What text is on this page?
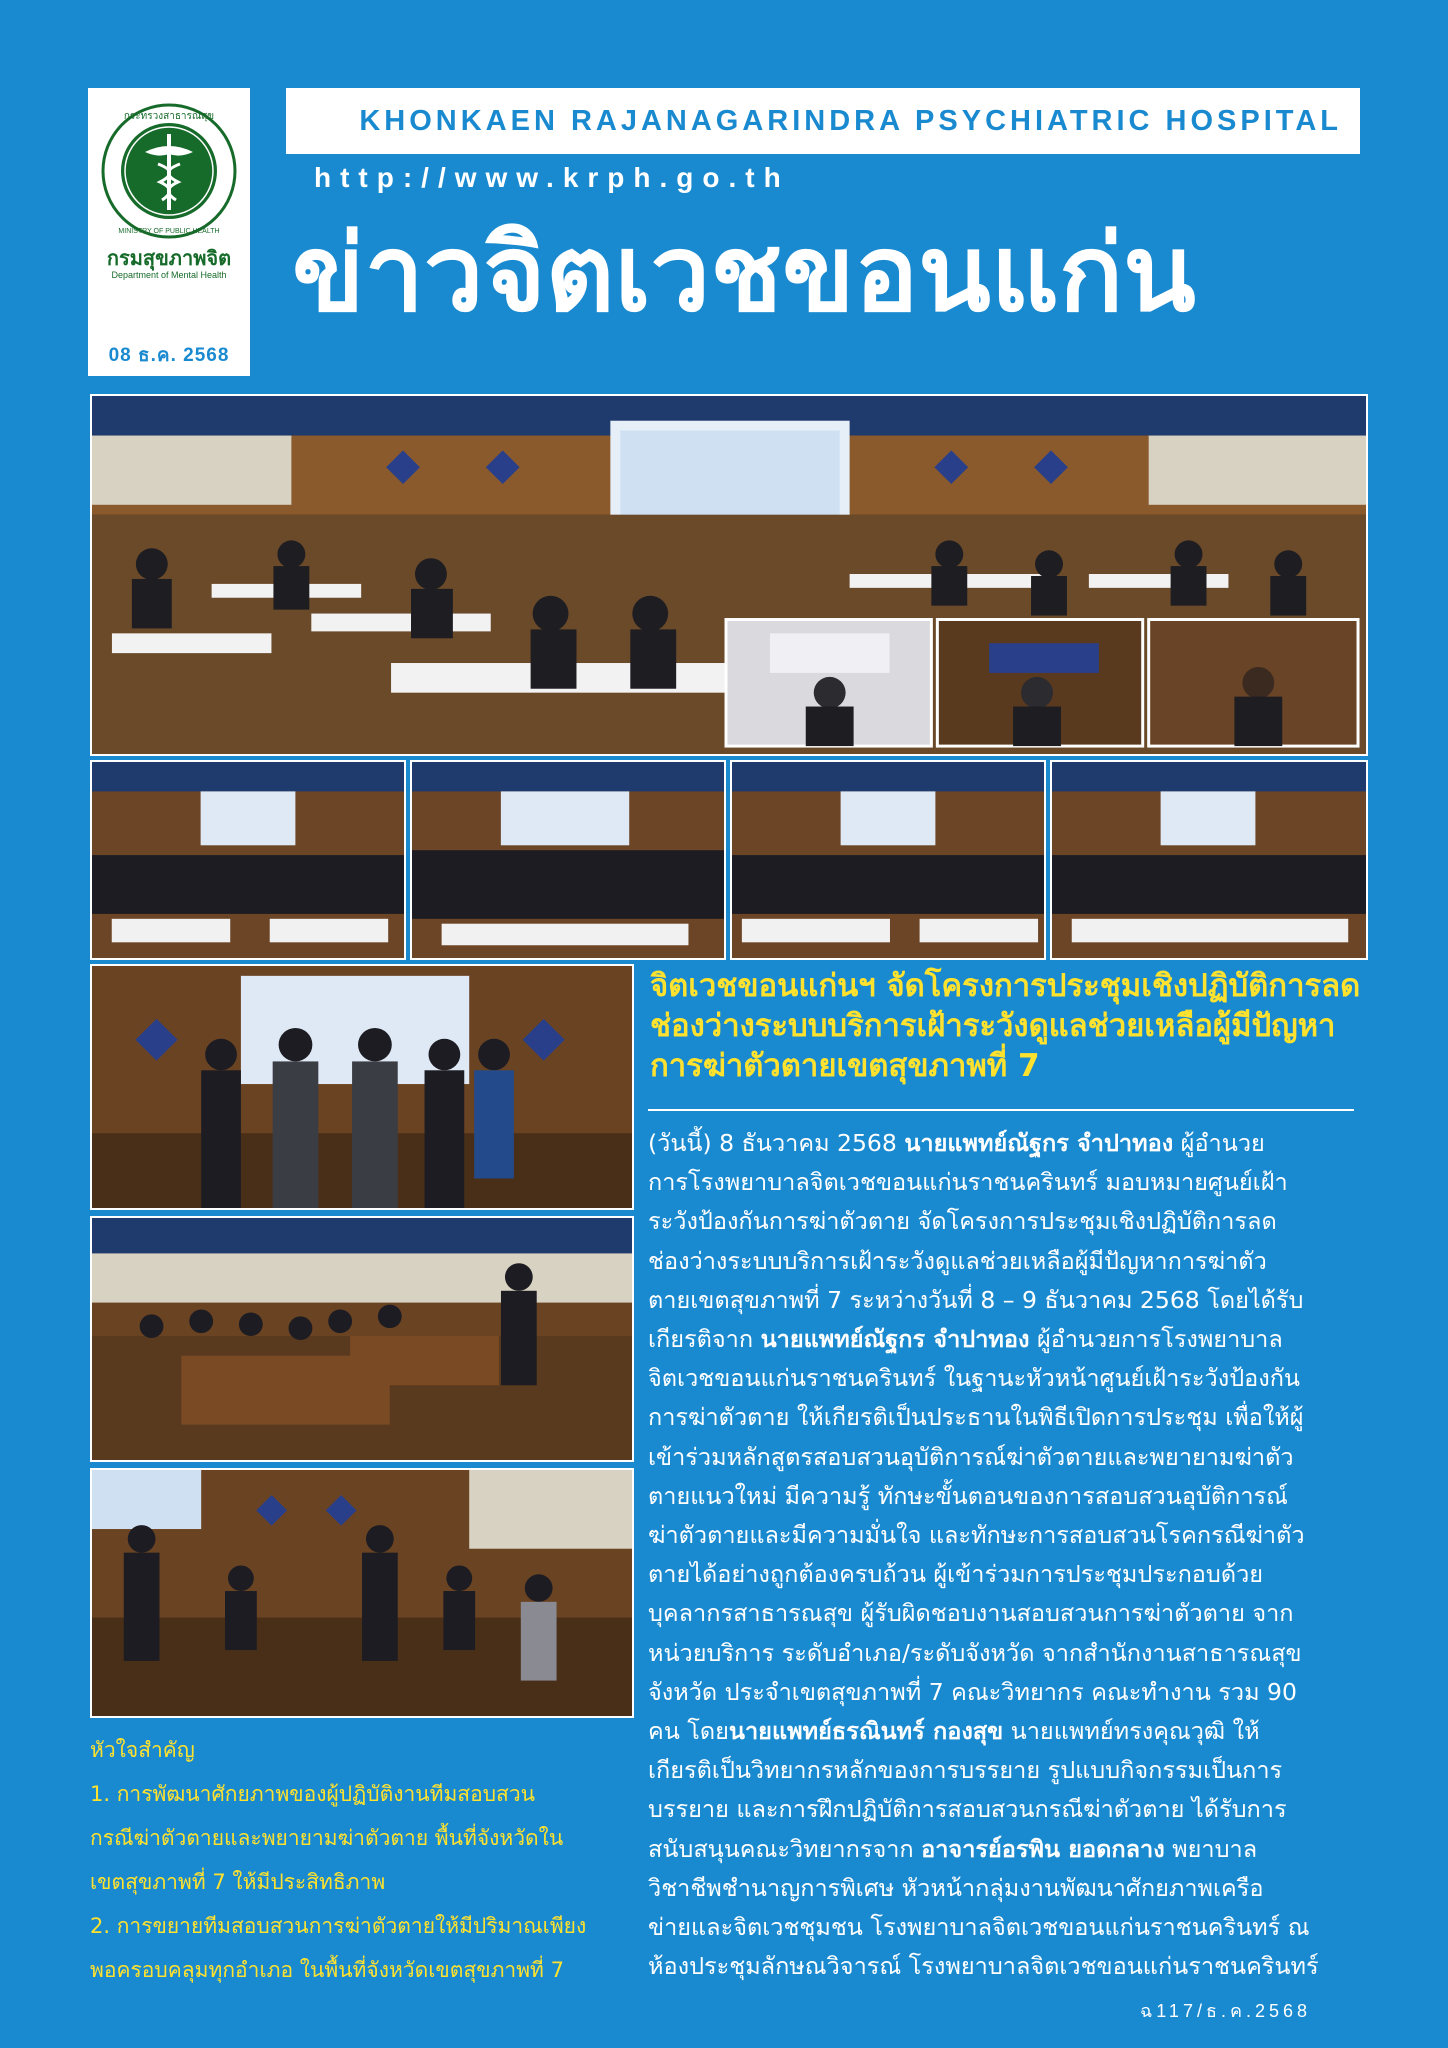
กระทรวงสาธารณสุข
MINISTRY OF PUBLIC HEALTH
กรมสุขภาพจิต
Department of Mental Health
08 ธ.ค. 2568
KHONKAEN RAJANAGARINDRA PSYCHIATRIC HOSPITAL
http://www.krph.go.th
ข่าวจิตเวชขอนแก่น
จิตเวชขอนแก่นฯ จัดโครงการประชุมเชิงปฏิบัติการลด
ช่องว่างระบบบริการเฝ้าระวังดูแลช่วยเหลือผู้มีปัญหา
การฆ่าตัวตายเขตสุขภาพที่ 7
(วันนี้) 8 ธันวาคม 2568 นายแพทย์ณัฐกร จำปาทอง ผู้อำนวย
การโรงพยาบาลจิตเวชขอนแก่นราชนครินทร์ มอบหมายศูนย์เฝ้า
ระวังป้องกันการฆ่าตัวตาย จัดโครงการประชุมเชิงปฏิบัติการลด
ช่องว่างระบบบริการเฝ้าระวังดูแลช่วยเหลือผู้มีปัญหาการฆ่าตัว
ตายเขตสุขภาพที่ 7 ระหว่างวันที่ 8 – 9 ธันวาคม 2568 โดยได้รับ
เกียรติจาก นายแพทย์ณัฐกร จำปาทอง ผู้อำนวยการโรงพยาบาล
จิตเวชขอนแก่นราชนครินทร์ ในฐานะหัวหน้าศูนย์เฝ้าระวังป้องกัน
การฆ่าตัวตาย ให้เกียรติเป็นประธานในพิธีเปิดการประชุม เพื่อให้ผู้
เข้าร่วมหลักสูตรสอบสวนอุบัติการณ์ฆ่าตัวตายและพยายามฆ่าตัว
ตายแนวใหม่ มีความรู้ ทักษะขั้นตอนของการสอบสวนอุบัติการณ์
ฆ่าตัวตายและมีความมั่นใจ และทักษะการสอบสวนโรคกรณีฆ่าตัว
ตายได้อย่างถูกต้องครบถ้วน ผู้เข้าร่วมการประชุมประกอบด้วย
บุคลากรสาธารณสุข ผู้รับผิดชอบงานสอบสวนการฆ่าตัวตาย จาก
หน่วยบริการ ระดับอำเภอ/ระดับจังหวัด จากสำนักงานสาธารณสุข
จังหวัด ประจำเขตสุขภาพที่ 7 คณะวิทยากร คณะทำงาน รวม 90
คน โดยนายแพทย์ธรณินทร์ กองสุข นายแพทย์ทรงคุณวุฒิ ให้
เกียรติเป็นวิทยากรหลักของการบรรยาย รูปแบบกิจกรรมเป็นการ
บรรยาย และการฝึกปฏิบัติการสอบสวนกรณีฆ่าตัวตาย ได้รับการ
สนับสนุนคณะวิทยากรจาก อาจารย์อรพิน ยอดกลาง พยาบาล
วิชาชีพชำนาญการพิเศษ หัวหน้ากลุ่มงานพัฒนาศักยภาพเครือ
ข่ายและจิตเวชชุมชน โรงพยาบาลจิตเวชขอนแก่นราชนครินทร์ ณ
ห้องประชุมลักษณวิจารณ์ โรงพยาบาลจิตเวชขอนแก่นราชนครินทร์
หัวใจสำคัญ
1. การพัฒนาศักยภาพของผู้ปฏิบัติงานทีมสอบสวน
กรณีฆ่าตัวตายและพยายามฆ่าตัวตาย พื้นที่จังหวัดใน
เขตสุขภาพที่ 7 ให้มีประสิทธิภาพ
2. การขยายทีมสอบสวนการฆ่าตัวตายให้มีปริมาณเพียง
พอครอบคลุมทุกอำเภอ ในพื้นที่จังหวัดเขตสุขภาพที่ 7
ฉ117/ธ.ค.2568
